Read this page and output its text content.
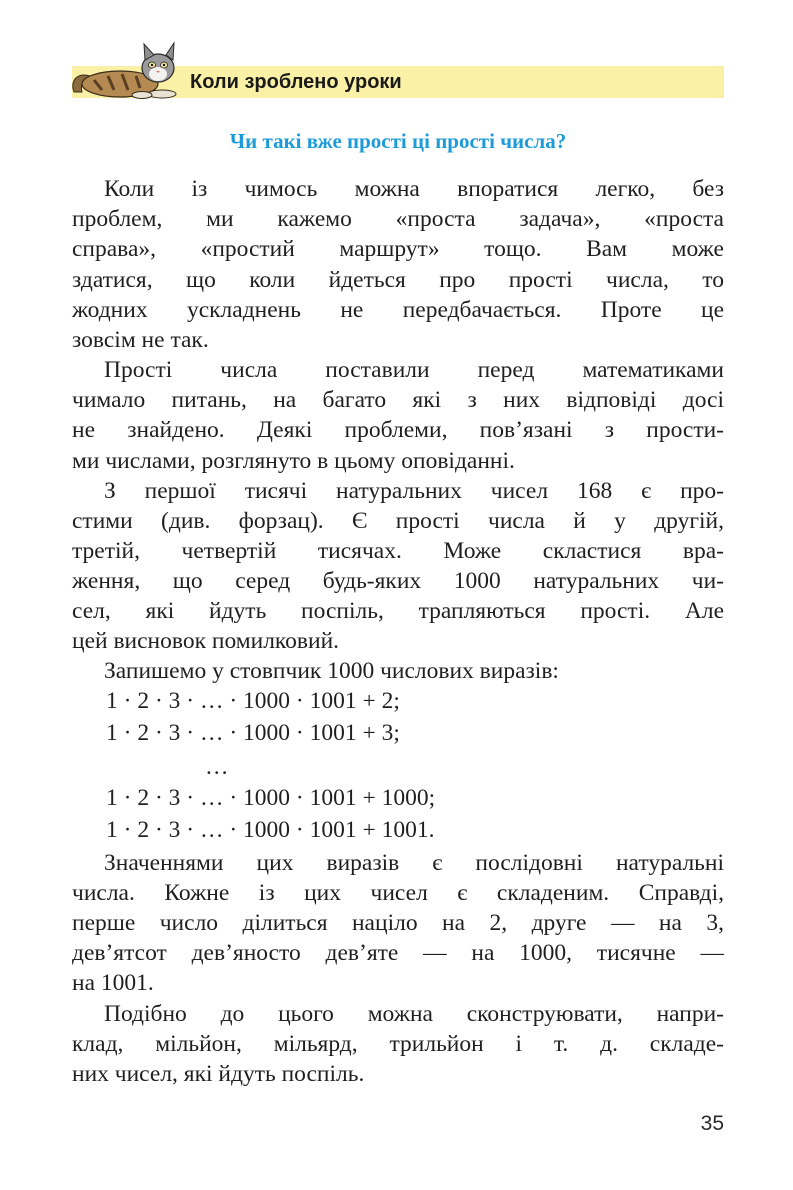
Коли зроблено уроки
Чи такі вже прості ці прості числа?
Коли із чимось можна впоратися легко, без
проблем, ми кажемо «проста задача», «проста
справа», «простий маршрут» тощо. Вам може
здатися, що коли йдеться про прості числа, то
жодних ускладнень не передбачається. Проте це
зовсім не так.
Прості числа поставили перед математиками
чимало питань, на багато які з них відповіді досі
не знайдено. Деякі проблеми, пов’язані з прости-
ми числами, розглянуто в цьому оповіданні.
З першої тисячі натуральних чисел 168 є про-
стими (див. форзац). Є прості числа й у другій,
третій, четвертій тисячах. Може скластися вра-
ження, що серед будь-яких 1000 натуральних чи-
сел, які йдуть поспіль, трапляються прості. Але
цей висновок помилковий.
Запишемо у стовпчик 1000 числових виразів:
1 · 2 · 3 · … · 1000 · 1001 + 2;
1 · 2 · 3 · … · 1000 · 1001 + 3;
…
1 · 2 · 3 · … · 1000 · 1001 + 1000;
1 · 2 · 3 · … · 1000 · 1001 + 1001.
Значеннями цих виразів є послідовні натуральні
числа. Кожне із цих чисел є складеним. Справді,
перше число ділиться націло на 2, друге — на 3,
дев’ятсот дев’яносто дев’яте — на 1000, тисячне —
на 1001.
Подібно до цього можна сконструювати, напри-
клад, мільйон, мільярд, трильйон і т. д. складе-
них чисел, які йдуть поспіль.
35
